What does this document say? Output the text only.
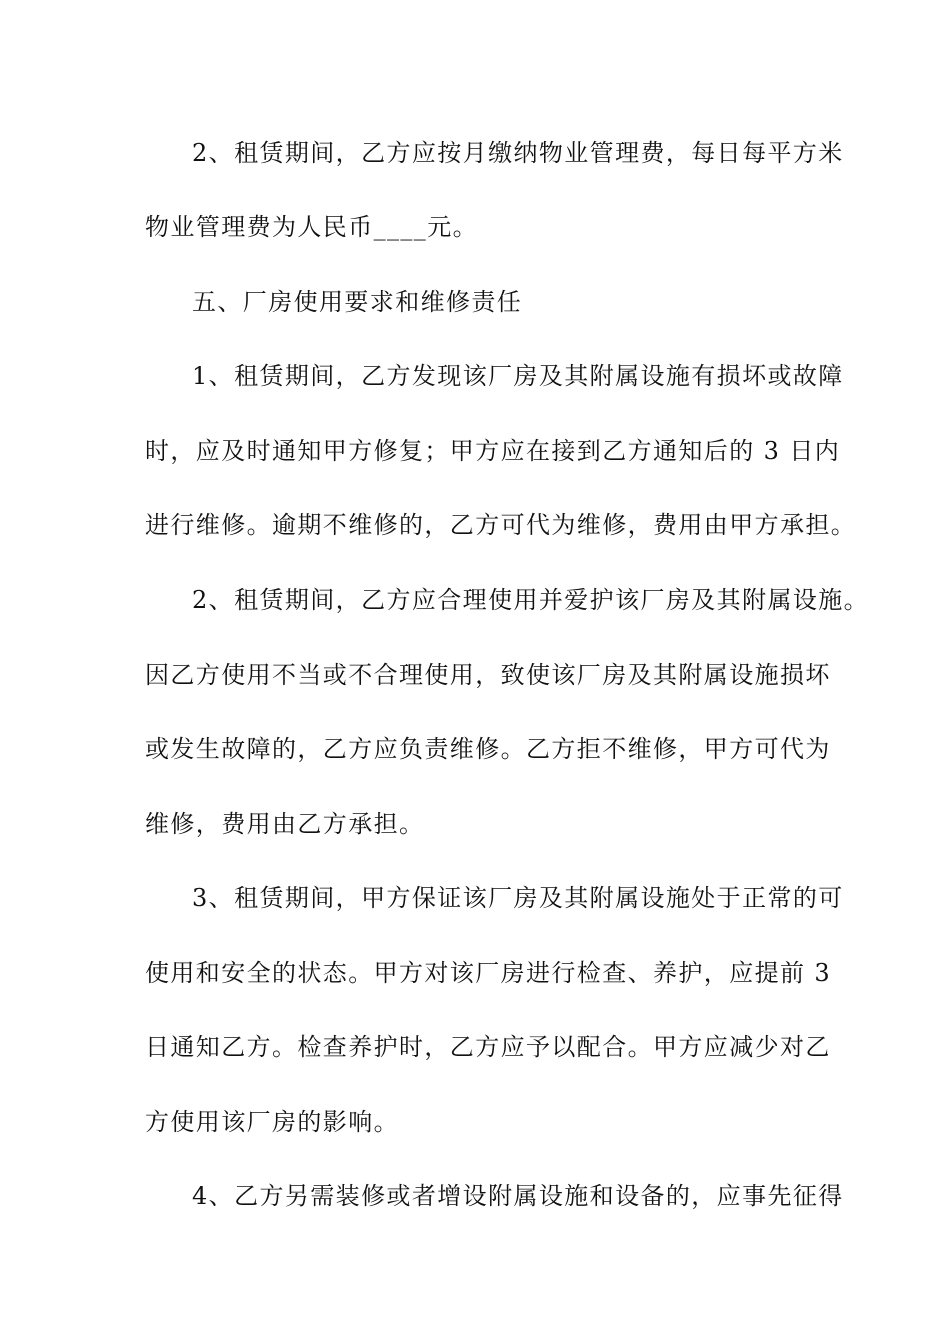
2、租赁期间，乙方应按月缴纳物业管理费，每日每平方米

物业管理费为人民币____元。

五、厂房使用要求和维修责任

1、租赁期间，乙方发现该厂房及其附属设施有损坏或故障

时，应及时通知甲方修复；甲方应在接到乙方通知后的 3 日内

进行维修。逾期不维修的，乙方可代为维修，费用由甲方承担。

2、租赁期间，乙方应合理使用并爱护该厂房及其附属设施。

因乙方使用不当或不合理使用，致使该厂房及其附属设施损坏

或发生故障的，乙方应负责维修。乙方拒不维修，甲方可代为

维修，费用由乙方承担。

3、租赁期间，甲方保证该厂房及其附属设施处于正常的可

使用和安全的状态。甲方对该厂房进行检查、养护，应提前 3

日通知乙方。检查养护时，乙方应予以配合。甲方应减少对乙

方使用该厂房的影响。

4、乙方另需装修或者增设附属设施和设备的，应事先征得
